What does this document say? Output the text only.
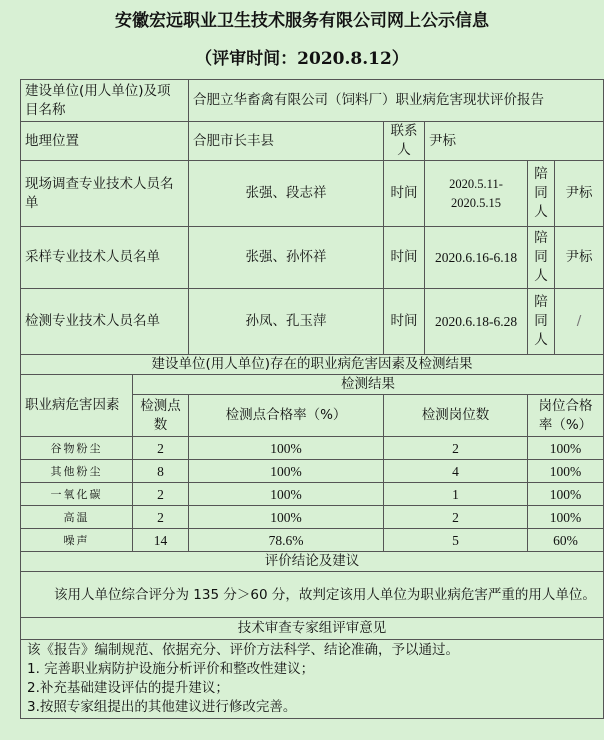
安徽宏远职业卫生技术服务有限公司网上公示信息
（评审时间：2020.8.12）
建设单位(用人单位)及项目名称		合肥立华畜禽有限公司（饲料厂）职业病危害现状评价报告				
地理位置		合肥市长丰县	联系人	尹标		
现场调查专业技术人员名单		张强、段志祥	时间	2020.5.11-2020.5.15	陪同人	尹标
采样专业技术人员名单		张强、孙怀祥	时间	2020.6.16-6.18	陪同人	尹标
检测专业技术人员名单		孙凤、孔玉萍	时间	2020.6.18-6.28	陪同人	/
建设单位(用人单位)存在的职业病危害因素及检测结果						
职业病危害因素	检测结果					
	检测点数	检测点合格率（%）	检测岗位数		岗位合格率（%）	
谷物粉尘	2	100%	2		100%	
其他粉尘	8	100%	4		100%	
一氧化碳	2	100%	1		100%	
高温	2	100%	2		100%	
噪声	14	78.6%	5		60%	
评价结论及建议						
该用人单位综合评分为 135 分＞60 分，故判定该用人单位为职业病危害严重的用人单位。						
技术审查专家组评审意见						

该《报告》编制规范、依据充分、评价方法科学、结论准确，予以通过。
1. 完善职业病防护设施分析评价和整改性建议；
2.补充基础建设评估的提升建议；
3.按照专家组提出的其他建议进行修改完善。						
